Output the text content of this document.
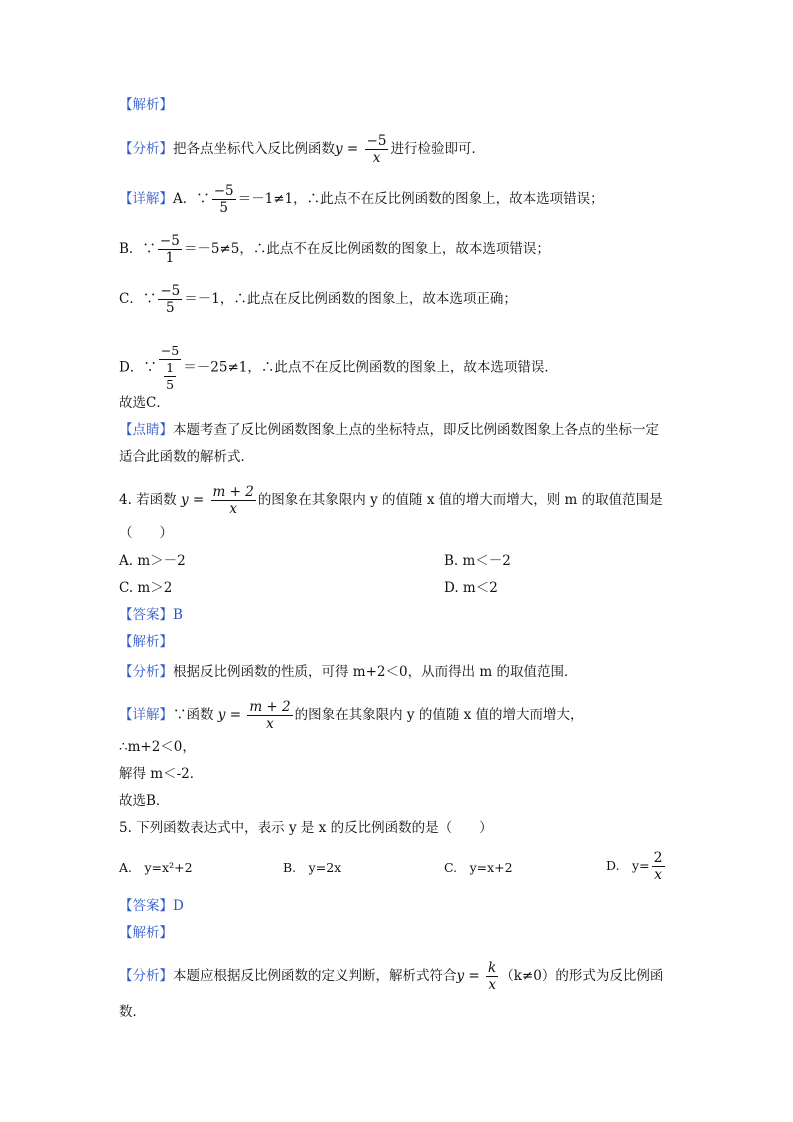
【解析】
【分析】把各点坐标代入反比例函数$y = \frac{-5}{x}$ 进行检验即可．
【详解】A．∵ $\frac{-5}{5} =-1\ne 1$，∴此点不在反比例函数的图象上，故本选项错误；
B．∵ $\frac{-5}{1} =-5\ne 5$，∴此点不在反比例函数的图象上，故本选项错误；
C．∵ $\frac{-5}{5} =-1$，∴此点在反比例函数的图象上，故本选项正确；
D．∵ $\frac{-5}{\frac{1}{5}} =-25\ne 1$，∴此点不在反比例函数的图象上，故本选项错误．
故选C．
【点睛】本题考查了反比例函数图象上点的坐标特点，即反比例函数图象上各点的坐标一定
适合此函数的解析式．
4. 若函数 $y = \frac{m + 2}{x}$ 的图象在其象限内 y 的值随 x 值的增大而增大，则 m 的取值范围是
（　　）
A. m＞－2	B. m＜－2
C. m＞2	D. m＜2
【答案】B
【解析】
【分析】根据反比例函数的性质，可得 m+2＜0，从而得出 m 的取值范围．
【详解】∵函数 $y = \frac{m + 2}{x}$ 的图象在其象限内 y 的值随 x 值的增大而增大，
∴m+2＜0，
解得 m＜-2．
故选B．
5. 下列函数表达式中，表示 y 是 x 的反比例函数的是（　　）
A.　y=x²+2	B.　y=2x	C.　y=x+2	D.　$y= \frac{2}{x}$
【答案】D
【解析】
【分析】本题应根据反比例函数的定义判断，解析式符合$y = \frac{k}{x} (k\ne 0)$的形式为反比例函
数．
